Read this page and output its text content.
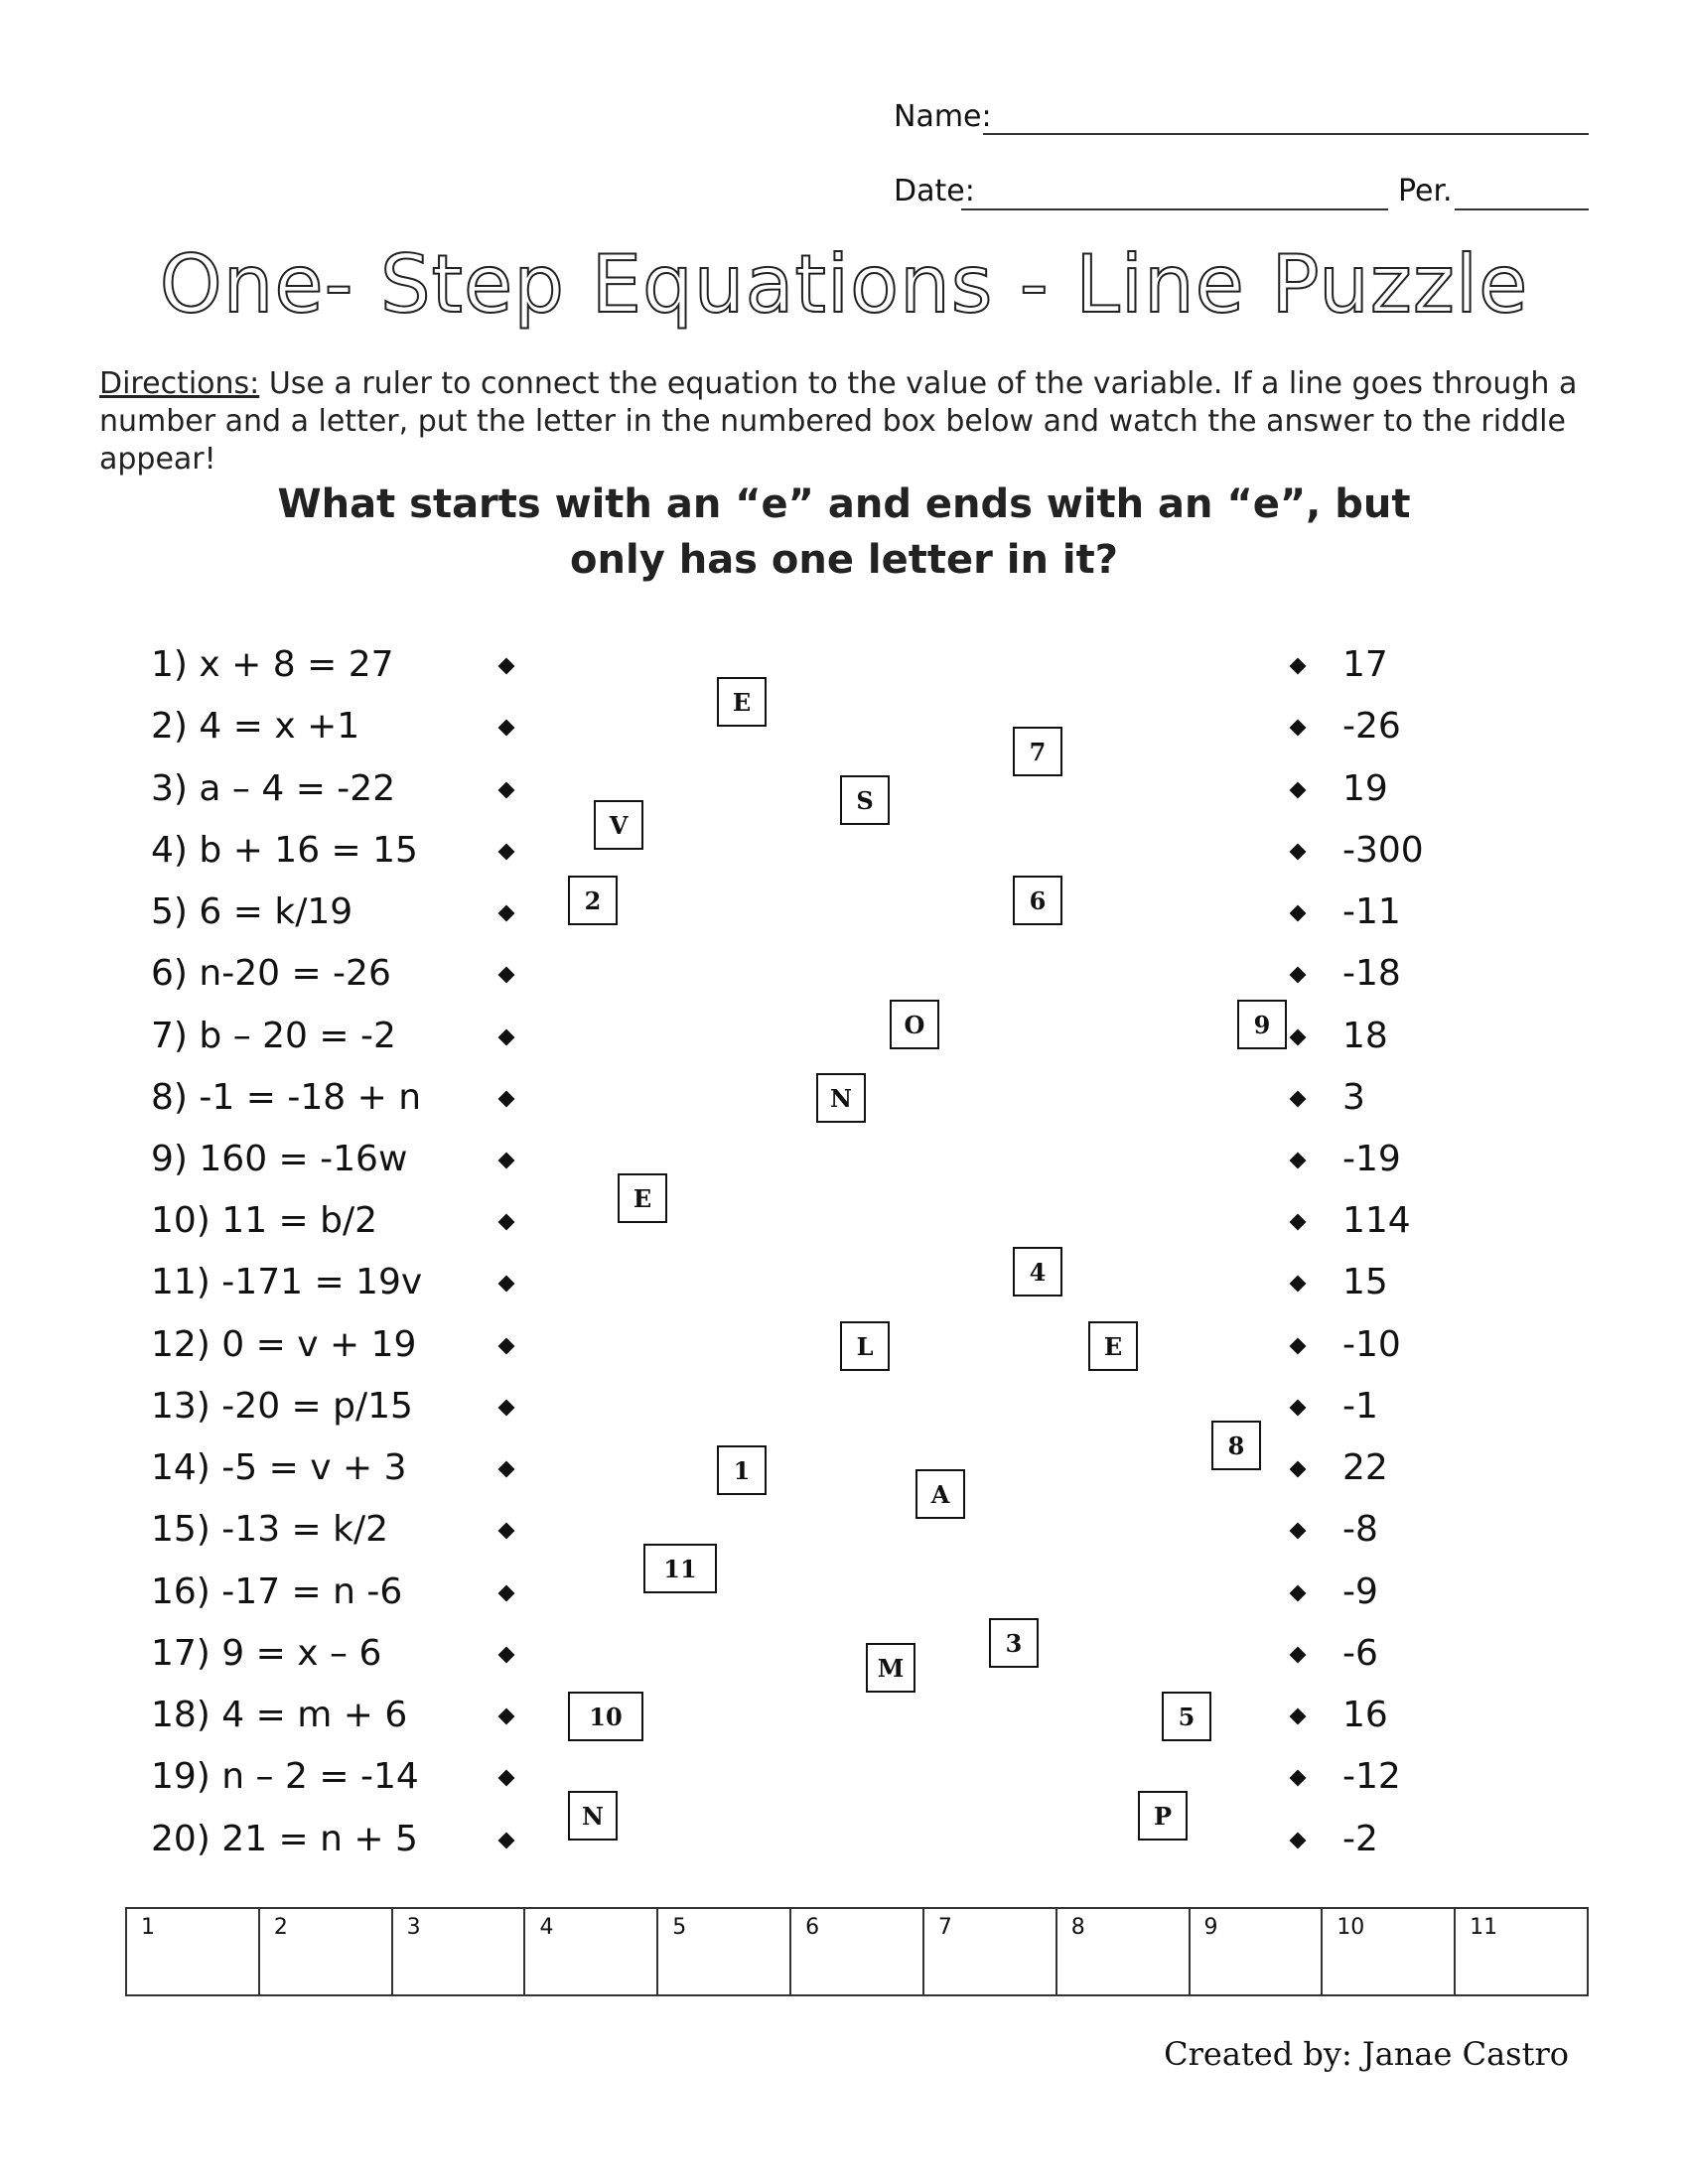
Name:
Date:	Per.
One- Step Equations - Line Puzzle
Directions: Use a ruler to connect the equation to the value of the variable. If a line goes through a number and a letter, put the letter in the numbered box below and watch the answer to the riddle appear!
What starts with an “e” and ends with an “e”, but
only has one letter in it?
1) x + 8 = 27
2) 4 = x +1
3) a – 4 = -22
4) b + 16 = 15
5) 6 = k/19
6) n-20 = -26
7) b – 20 = -2
8) -1 = -18 + n
9) 160 = -16w
10) 11 = b/2
11) -171 = 19v
12) 0 = v + 19
13) -20 = p/15
14) -5 = v + 3
15) -13 = k/2
16) -17 = n -6
17) 9 = x – 6
18) 4 = m + 6
19) n – 2 = -14
20) 21 = n + 5
17
-26
19
-300
-11
-18
18
3
-19
114
15
-10
-1
22
-8
-9
-6
16
-12
-2
E
7
S
V
2	6
O	9
N
E
4
L	E
8
1
A
11
3
M
10	5
N	P
1	2	3	4	5	6	7	8	9	10	11
Created by: Janae Castro
